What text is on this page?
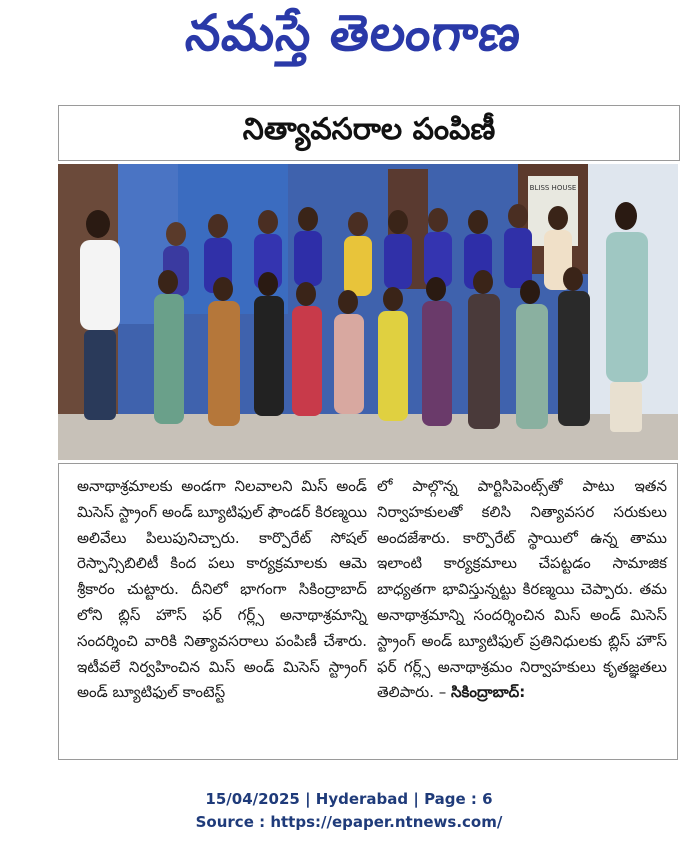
నమస్తే తెలంగాణ
నిత్యావసరాల పంపిణీ
BLISS HOUSE

అనాథాశ్రమాలకు అండగా నిలవాలని మిస్ అండ్ మిసెస్ స్ట్రాంగ్ అండ్ బ్యూటిఫుల్ ఫౌండర్ కిరణ్మయి అలివేలు పిలుపునిచ్చారు. కార్పొరేట్ సోషల్ రెస్పాన్సిబిలిటీ కింద పలు కార్యక్రమాలకు ఆమె శ్రీకారం చుట్టారు. దీనిలో భాగంగా సికింద్రాబాద్ లోని బ్లిస్ హౌస్ ఫర్ గర్ల్స్ అనాథాశ్రమాన్ని సందర్శించి వారికి నిత్యావసరాలు పంపిణీ చేశారు. ఇటీవలే నిర్వహించిన మిస్ అండ్ మిసెస్ స్ట్రాంగ్ అండ్ బ్యూటిఫుల్ కాంటెస్ట్

లో పాల్గొన్న పార్టిసిపెంట్స్‌తో పాటు ఇతన నిర్వాహకులతో కలిసి నిత్యావసర సరుకులు అందజేశారు. కార్పొరేట్ స్థాయిలో ఉన్న తాము ఇలాంటి కార్యక్రమాలు చేపట్టడం సామాజిక బాధ్యతగా భావిస్తున్నట్టు కిరణ్మయి చెప్పారు. తమ అనాథాశ్రమాన్ని సందర్శించిన మిస్ అండ్ మిసెస్ స్ట్రాంగ్ అండ్ బ్యూటిఫుల్ ప్రతినిధులకు బ్లిస్ హౌస్ ఫర్ గర్ల్స్ అనాథాశ్రమం నిర్వాహకులు కృతజ్ఞతలు తెలిపారు. – సికింద్రాబాద్:

15/04/2025 | Hyderabad | Page : 6
Source : https://epaper.ntnews.com/
